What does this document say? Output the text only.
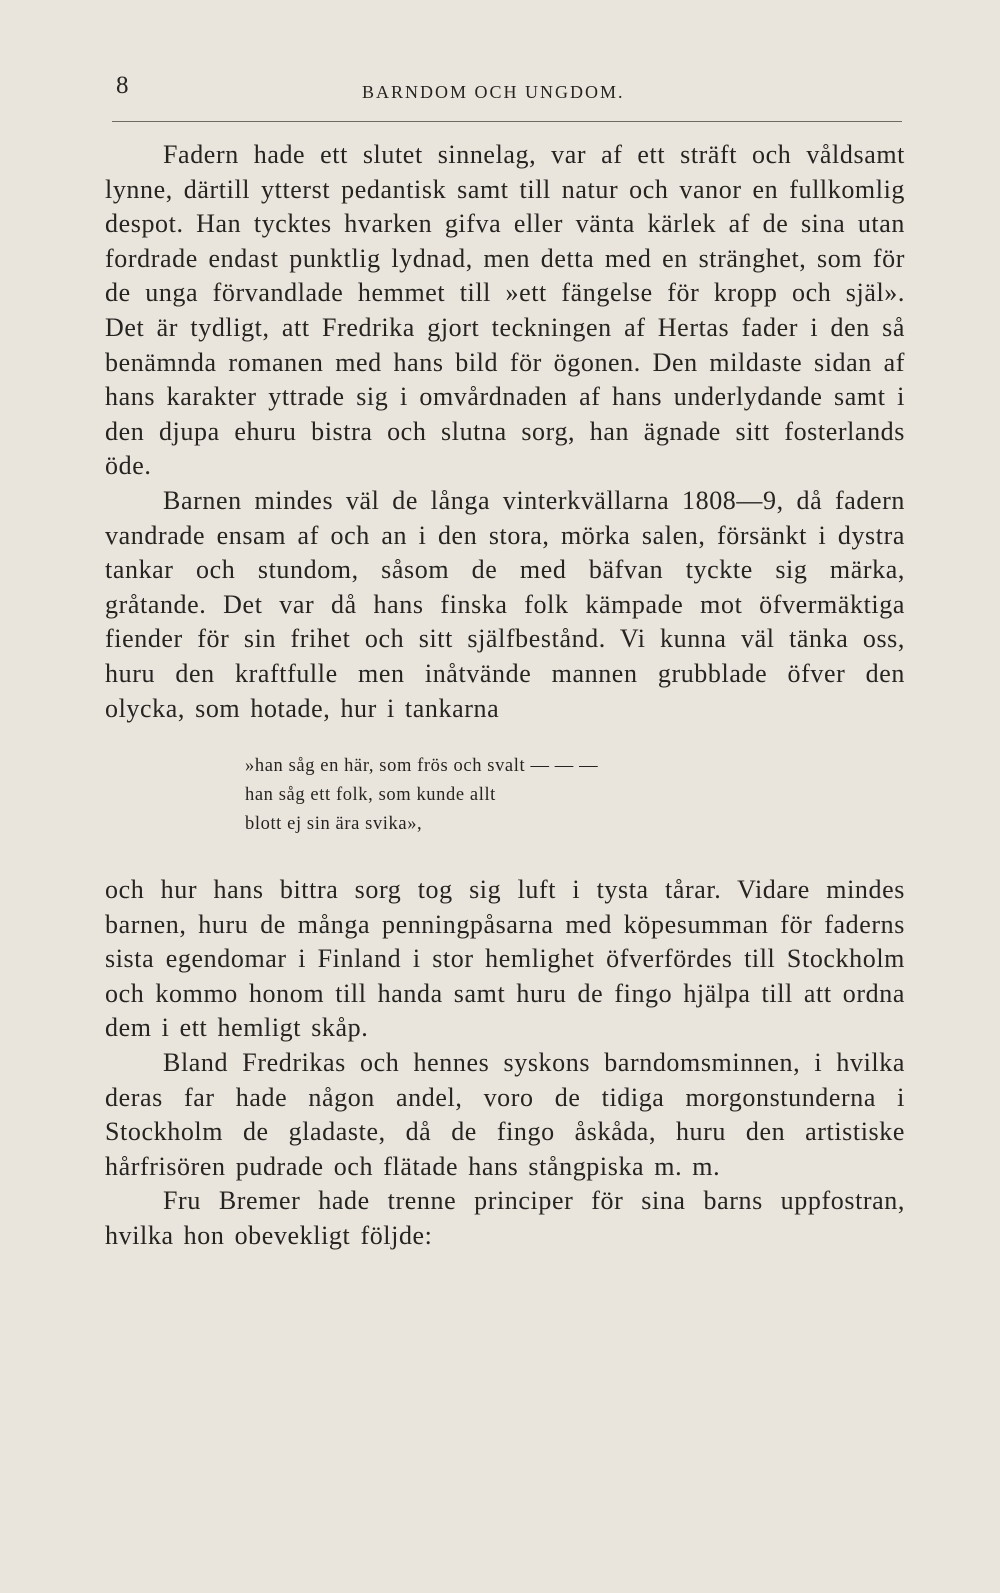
8	BARNDOM OCH UNGDOM.

Fadern hade ett slutet sinnelag, var af ett sträft och våldsamt lynne, därtill ytterst pedantisk samt till natur och vanor en fullkomlig despot. Han tycktes hvarken gifva eller vänta kärlek af de sina utan fordrade endast punktlig lydnad, men detta med en stränghet, som för de unga förvandlade hemmet till »ett fängelse för kropp och själ». Det är tydligt, att Fredrika gjort teckningen af Hertas fader i den så benämnda romanen med hans bild för ögonen. Den mildaste sidan af hans karakter yttrade sig i omvårdnaden af hans underlydande samt i den djupa ehuru bistra och slutna sorg, han ägnade sitt fosterlands öde.

Barnen mindes väl de långa vinterkvällarna 1808—9, då fadern vandrade ensam af och an i den stora, mörka salen, försänkt i dystra tankar och stundom, såsom de med bäfvan tyckte sig märka, gråtande. Det var då hans finska folk kämpade mot öfvermäktiga fiender för sin frihet och sitt själfbestånd. Vi kunna väl tänka oss, huru den kraftfulle men inåtvände mannen grubblade öfver den olycka, som hotade, hur i tankarna

»han såg en här, som frös och svalt — — —
han såg ett folk, som kunde allt
blott ej sin ära svika»,

och hur hans bittra sorg tog sig luft i tysta tårar. Vidare mindes barnen, huru de många penningpåsarna med köpesumman för faderns sista egendomar i Finland i stor hemlighet öfverfördes till Stockholm och kommo honom till handa samt huru de fingo hjälpa till att ordna dem i ett hemligt skåp.

Bland Fredrikas och hennes syskons barndomsminnen, i hvilka deras far hade någon andel, voro de tidiga morgonstunderna i Stockholm de gladaste, då de fingo åskåda, huru den artistiske hårfrisören pudrade och flätade hans stångpiska m. m.

Fru Bremer hade trenne principer för sina barns uppfostran, hvilka hon obevekligt följde:
